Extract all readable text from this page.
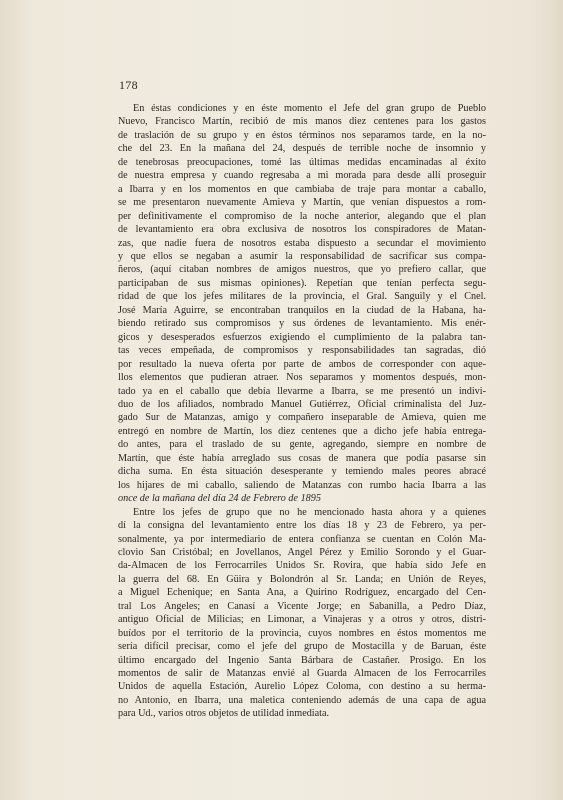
178
En éstas condiciones y en éste momento el Jefe del gran grupo de Pueblo
Nuevo, Francisco Martín, recibió de mis manos diez centenes para los gastos
de traslación de su grupo y en éstos términos nos separamos tarde, en la no-
che del 23. En la mañana del 24, después de terrible noche de insomnio y
de tenebrosas preocupaciones, tomé las últimas medidas encaminadas al éxito
de nuestra empresa y cuando regresaba a mi morada para desde allí proseguir
a Ibarra y en los momentos en que cambiaba de traje para montar a caballo,
se me presentaron nuevamente Amieva y Martín, que venían dispuestos a rom-
per definitivamente el compromiso de la noche anterior, alegando que el plan
de levantamiento era obra exclusiva de nosotros los conspiradores de Matan-
zas, que nadie fuera de nosotros estaba dispuesto a secundar el movimiento
y que ellos se negaban a asumir la responsabilidad de sacrificar sus compa-
ñeros, (aquí citaban nombres de amigos nuestros, que yo prefiero callar, que
participaban de sus mismas opiniones). Repetían que tenían perfecta segu-
ridad de que los jefes militares de la provincia, el Gral. Sanguily y el Cnel.
José María Aguirre, se encontraban tranquilos en la ciudad de la Habana, ha-
biendo retirado sus compromisos y sus órdenes de levantamiento. Mis enér-
gicos y desesperados esfuerzos exigiendo el cumplimiento de la palabra tan-
tas veces empeñada, de compromisos y responsabilidades tan sagradas, dió
por resultado la nueva oferta por parte de ambos de corresponder con aque-
llos elementos que pudieran atraer. Nos separamos y momentos después, mon-
tado ya en el caballo que debía llevarme a Ibarra, se me presentó un indivi-
duo de los afiliados, nombrado Manuel Gutiérrez, Oficial criminalista del Juz-
gado Sur de Matanzas, amigo y compañero inseparable de Amieva, quien me
entregó en nombre de Martín, los diez centenes que a dicho jefe había entrega-
do antes, para el traslado de su gente, agregando, siempre en nombre de
Martín, que éste había arreglado sus cosas de manera que podía pasarse sin
dicha suma. En ésta situación desesperante y temiendo males peores abracé
los hijares de mi caballo, saliendo de Matanzas con rumbo hacia Ibarra a las
once de la mañana del día 24 de Febrero de 1895
Entre los jefes de grupo que no he mencionado hasta ahora y a quienes
dí la consigna del levantamiento entre los días 18 y 23 de Febrero, ya per-
sonalmente, ya por intermediario de entera confianza se cuentan en Colón Ma-
clovio San Cristóbal; en Jovellanos, Angel Pérez y Emilio Sorondo y el Guar-
da-Almacen de los Ferrocarriles Unidos Sr. Rovira, que había sido Jefe en
la guerra del 68. En Güira y Bolondrón al Sr. Landa; en Unión de Reyes,
a Miguel Echenique; en Santa Ana, a Quirino Rodríguez, encargado del Cen-
tral Los Angeles; en Canasí a Vicente Jorge; en Sabanilla, a Pedro Díaz,
antiguo Oficial de Milicias; en Limonar, a Vinajeras y a otros y otros, distri-
buídos por el territorio de la provincia, cuyos nombres en éstos momentos me
sería difícil precisar, como el jefe del grupo de Mostacilla y de Baruan, éste
último encargado del Ingenio Santa Bárbara de Castañer. Prosigo. En los
momentos de salir de Matanzas envié al Guarda Almacen de los Ferrocarriles
Unidos de aquella Estación, Aurelio López Coloma, con destino a su herma-
no Antonio, en Ibarra, una maletica conteniendo además de una capa de agua
para Ud., varios otros objetos de utilidad inmediata.
